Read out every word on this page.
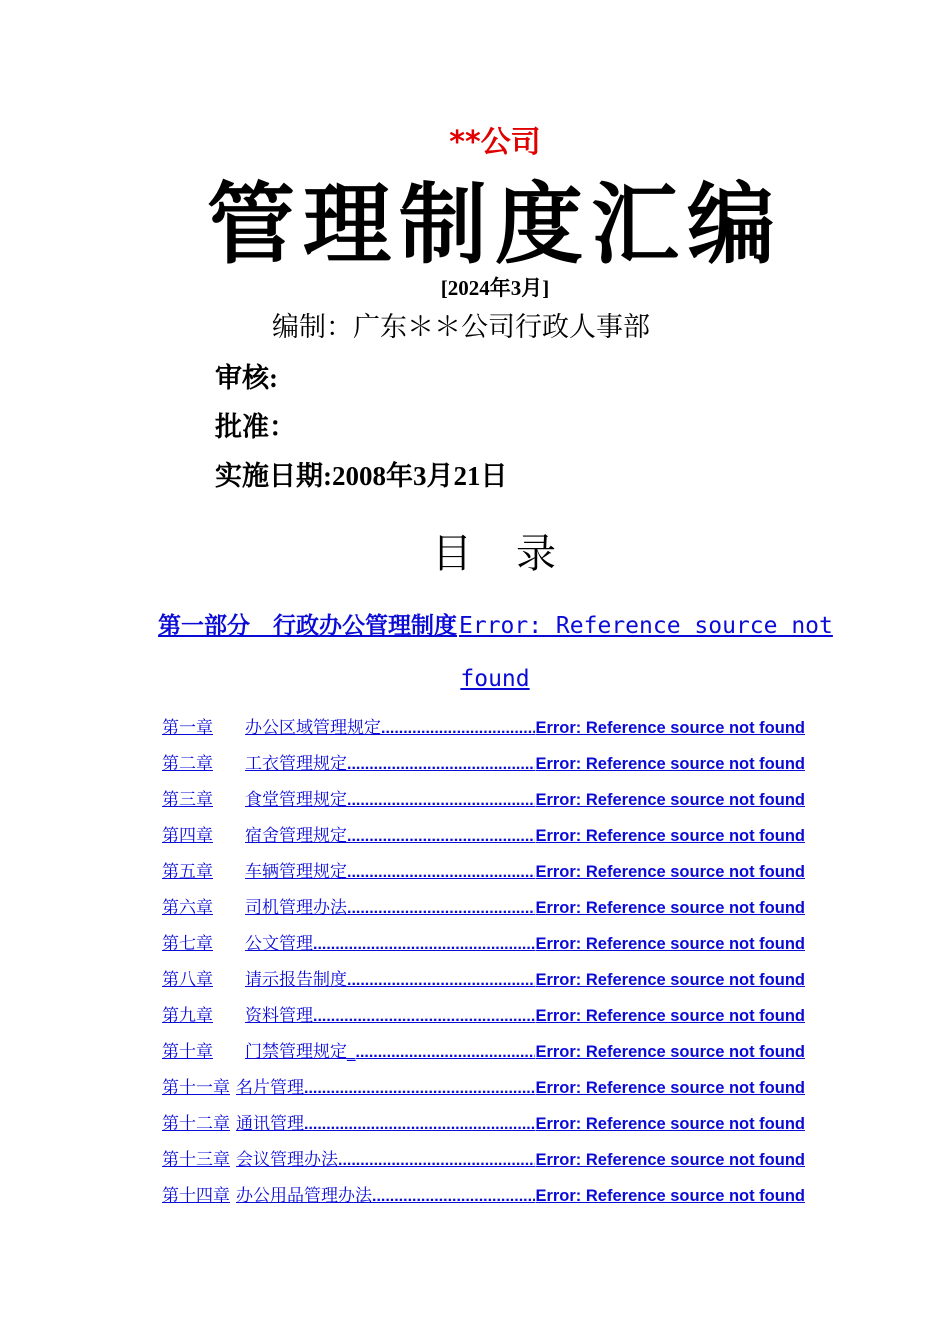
**公司
管理制度汇编
[2024年3月]
编制：广东＊＊公司行政人事部
审核:
批准：
实施日期:2008年3月21日
目　录
第一部分　行政办公管理制度Error: Reference source not
found
第一章	办公区域管理规定 .....	Error: Reference source not found
第二章	工衣管理规定 .....	Error: Reference source not found
第三章	食堂管理规定 .....	Error: Reference source not found
第四章	宿舍管理规定 .....	Error: Reference source not found
第五章	车辆管理规定 .....	Error: Reference source not found
第六章	司机管理办法 .....	Error: Reference source not found
第七章	公文管理 .....	Error: Reference source not found
第八章	请示报告制度 .....	Error: Reference source not found
第九章	资料管理 .....	Error: Reference source not found
第十章	门禁管理规定_ .....	Error: Reference source not found
第十一章 名片管理 .....	Error: Reference source not found
第十二章 通讯管理 .....	Error: Reference source not found
第十三章 会议管理办法 .....	Error: Reference source not found
第十四章 办公用品管理办法 .....	Error: Reference source not found
